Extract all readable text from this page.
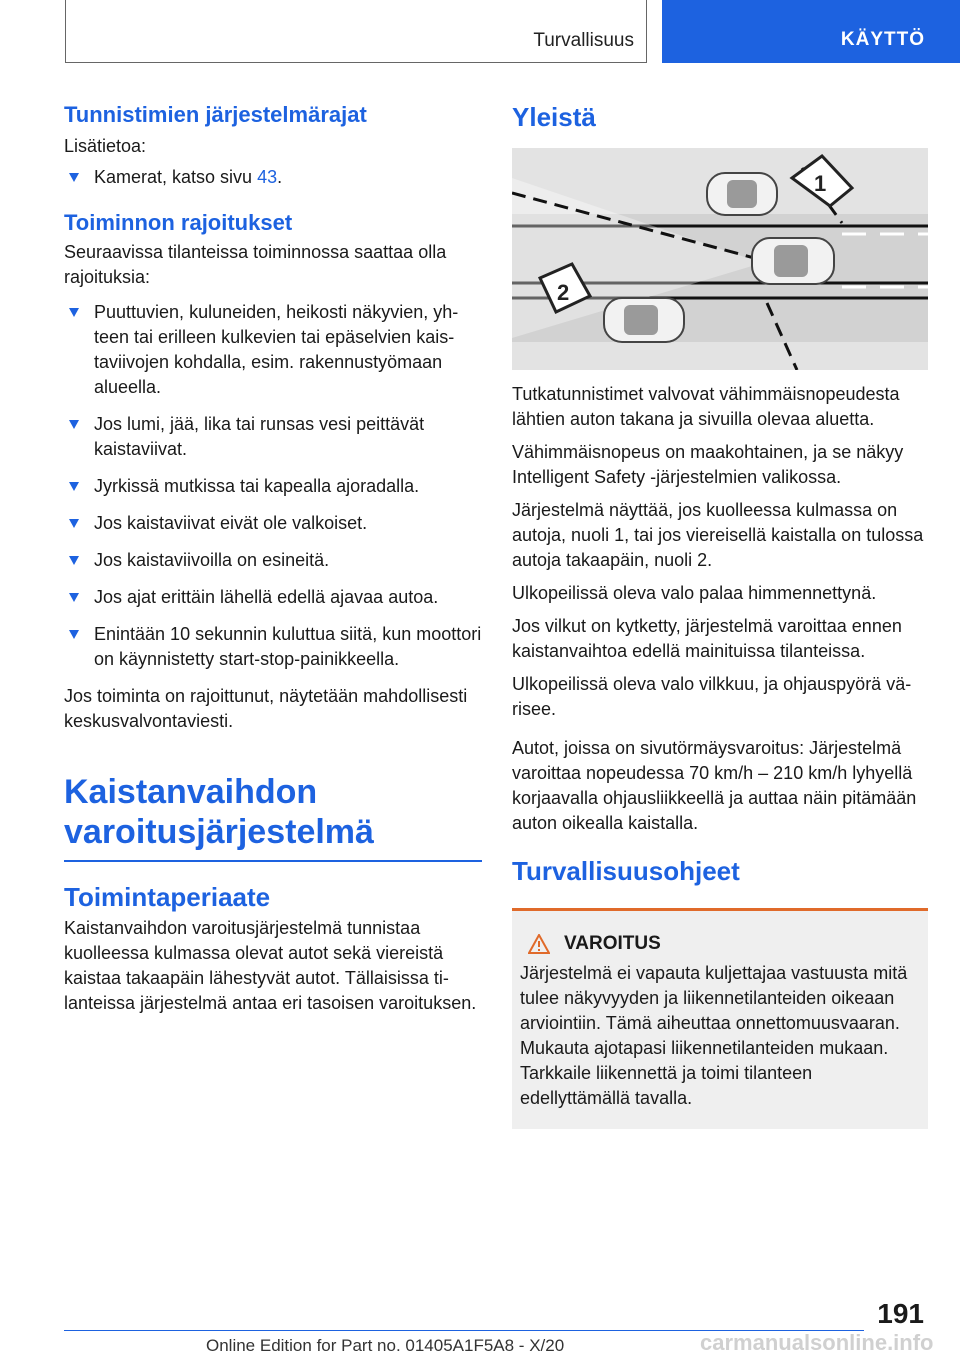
Turvallisuus	KÄYTTÖ
Tunnistimien järjestelmärajat

Lisätietoa:

Kamerat, katso sivu 43.
Toiminnon rajoitukset

Seuraavissa tilanteissa toiminnossa saattaa olla rajoituksia:

Puuttuvien, kuluneiden, heikosti näkyvien, yhteen tai erilleen kulkevien tai epäselvien kaistaviivojen kohdalla, esim. rakennustyömaan alueella.
Jos lumi, jää, lika tai runsas vesi peittävät kaistaviivat.
Jyrkissä mutkissa tai kapealla ajoradalla.
Jos kaistaviivat eivät ole valkoiset.
Jos kaistaviivoilla on esineitä.
Jos ajat erittäin lähellä edellä ajavaa autoa.
Enintään 10 sekunnin kuluttua siitä, kun moottori on käynnistetty start-stop-painikkeella.

Jos toiminta on rajoittunut, näytetään mahdollisesti keskusvalvontaviesti.

Kaistanvaihdon varoitusjärjestelmä
Toimintaperiaate

Kaistanvaihdon varoitusjärjestelmä tunnistaa kuolleessa kulmassa olevat autot sekä viereistä kaistaa takaapäin lähestyvät autot. Tällaisissa tilanteissa järjestelmä antaa eri tasoisen varoituksen.

Yleistä
1
2

Tutkatunnistimet valvovat vähimmäisnopeudesta lähtien auton takana ja sivuilla olevaa aluetta.

Vähimmäisnopeus on maakohtainen, ja se näkyy Intelligent Safety -järjestelmien valikossa.

Järjestelmä näyttää, jos kuolleessa kulmassa on autoja, nuoli 1, tai jos viereisellä kaistalla on tulossa autoja takaapäin, nuoli 2.

Ulkopeilissä oleva valo palaa himmennettynä.

Jos vilkut on kytketty, järjestelmä varoittaa ennen kaistanvaihtoa edellä mainituissa tilanteissa.

Ulkopeilissä oleva valo vilkkuu, ja ohjauspyörä värisee.

Autot, joissa on sivutörmäysvaroitus: Järjestelmä varoittaa nopeudessa 70 km/h – 210 km/h lyhyellä korjaavalla ohjausliikkeellä ja auttaa näin pitämään auton oikealla kaistalla.

Turvallisuusohjeet
VAROITUS

Järjestelmä ei vapauta kuljettajaa vastuusta mitä tulee näkyvyyden ja liikennetilanteiden oikeaan arviointiin. Tämä aiheuttaa onnettomuusvaaran. Mukauta ajotapasi liikennetilanteiden mukaan. Tarkkaile liikennettä ja toimi tilanteen edellyttämällä tavalla.

191
Online Edition for Part no. 01405A1F5A8 - X/20	carmanualsonline.info
